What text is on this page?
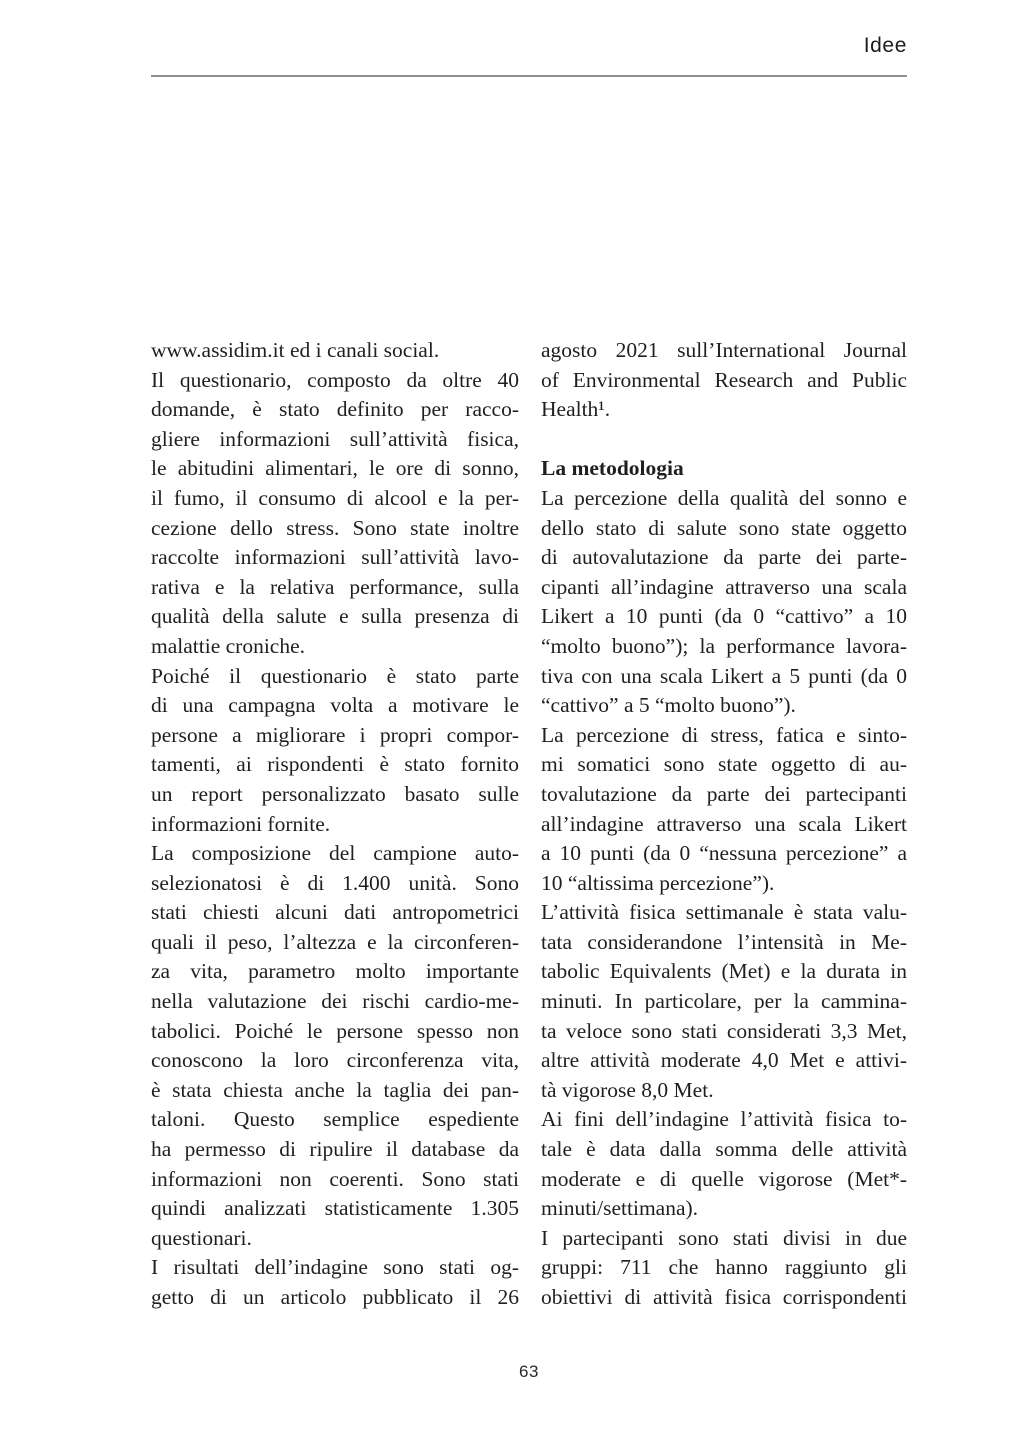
Idee
www.assidim.it ed i canali social.
Il questionario, composto da oltre 40
domande, è stato definito per racco-
gliere informazioni sull’attività fisica,
le abitudini alimentari, le ore di sonno,
il fumo, il consumo di alcool e la per-
cezione dello stress. Sono state inoltre
raccolte informazioni sull’attività lavo-
rativa e la relativa performance, sulla
qualità della salute e sulla presenza di
malattie croniche.
Poiché il questionario è stato parte
di una campagna volta a motivare le
persone a migliorare i propri compor-
tamenti, ai rispondenti è stato fornito
un report personalizzato basato sulle
informazioni fornite.
La composizione del campione auto-
selezionatosi è di 1.400 unità. Sono
stati chiesti alcuni dati antropometrici
quali il peso, l’altezza e la circonferen-
za vita, parametro molto importante
nella valutazione dei rischi cardio-me-
tabolici. Poiché le persone spesso non
conoscono la loro circonferenza vita,
è stata chiesta anche la taglia dei pan-
taloni. Questo semplice espediente
ha permesso di ripulire il database da
informazioni non coerenti. Sono stati
quindi analizzati statisticamente 1.305
questionari.
I risultati dell’indagine sono stati og-
getto di un articolo pubblicato il 26
agosto 2021 sull’International Journal
of Environmental Research and Public
Health¹.
La metodologia
La percezione della qualità del sonno e
dello stato di salute sono state oggetto
di autovalutazione da parte dei parte-
cipanti all’indagine attraverso una scala
Likert a 10 punti (da 0 “cattivo” a 10
“molto buono”); la performance lavora-
tiva con una scala Likert a 5 punti (da 0
“cattivo” a 5 “molto buono”).
La percezione di stress, fatica e sinto-
mi somatici sono state oggetto di au-
tovalutazione da parte dei partecipanti
all’indagine attraverso una scala Likert
a 10 punti (da 0 “nessuna percezione” a
10 “altissima percezione”).
L’attività fisica settimanale è stata valu-
tata considerandone l’intensità in Me-
tabolic Equivalents (Met) e la durata in
minuti. In particolare, per la cammina-
ta veloce sono stati considerati 3,3 Met,
altre attività moderate 4,0 Met e attivi-
tà vigorose 8,0 Met.
Ai fini dell’indagine l’attività fisica to-
tale è data dalla somma delle attività
moderate e di quelle vigorose (Met*-
minuti/settimana).
I partecipanti sono stati divisi in due
gruppi: 711 che hanno raggiunto gli
obiettivi di attività fisica corrispondenti
63
